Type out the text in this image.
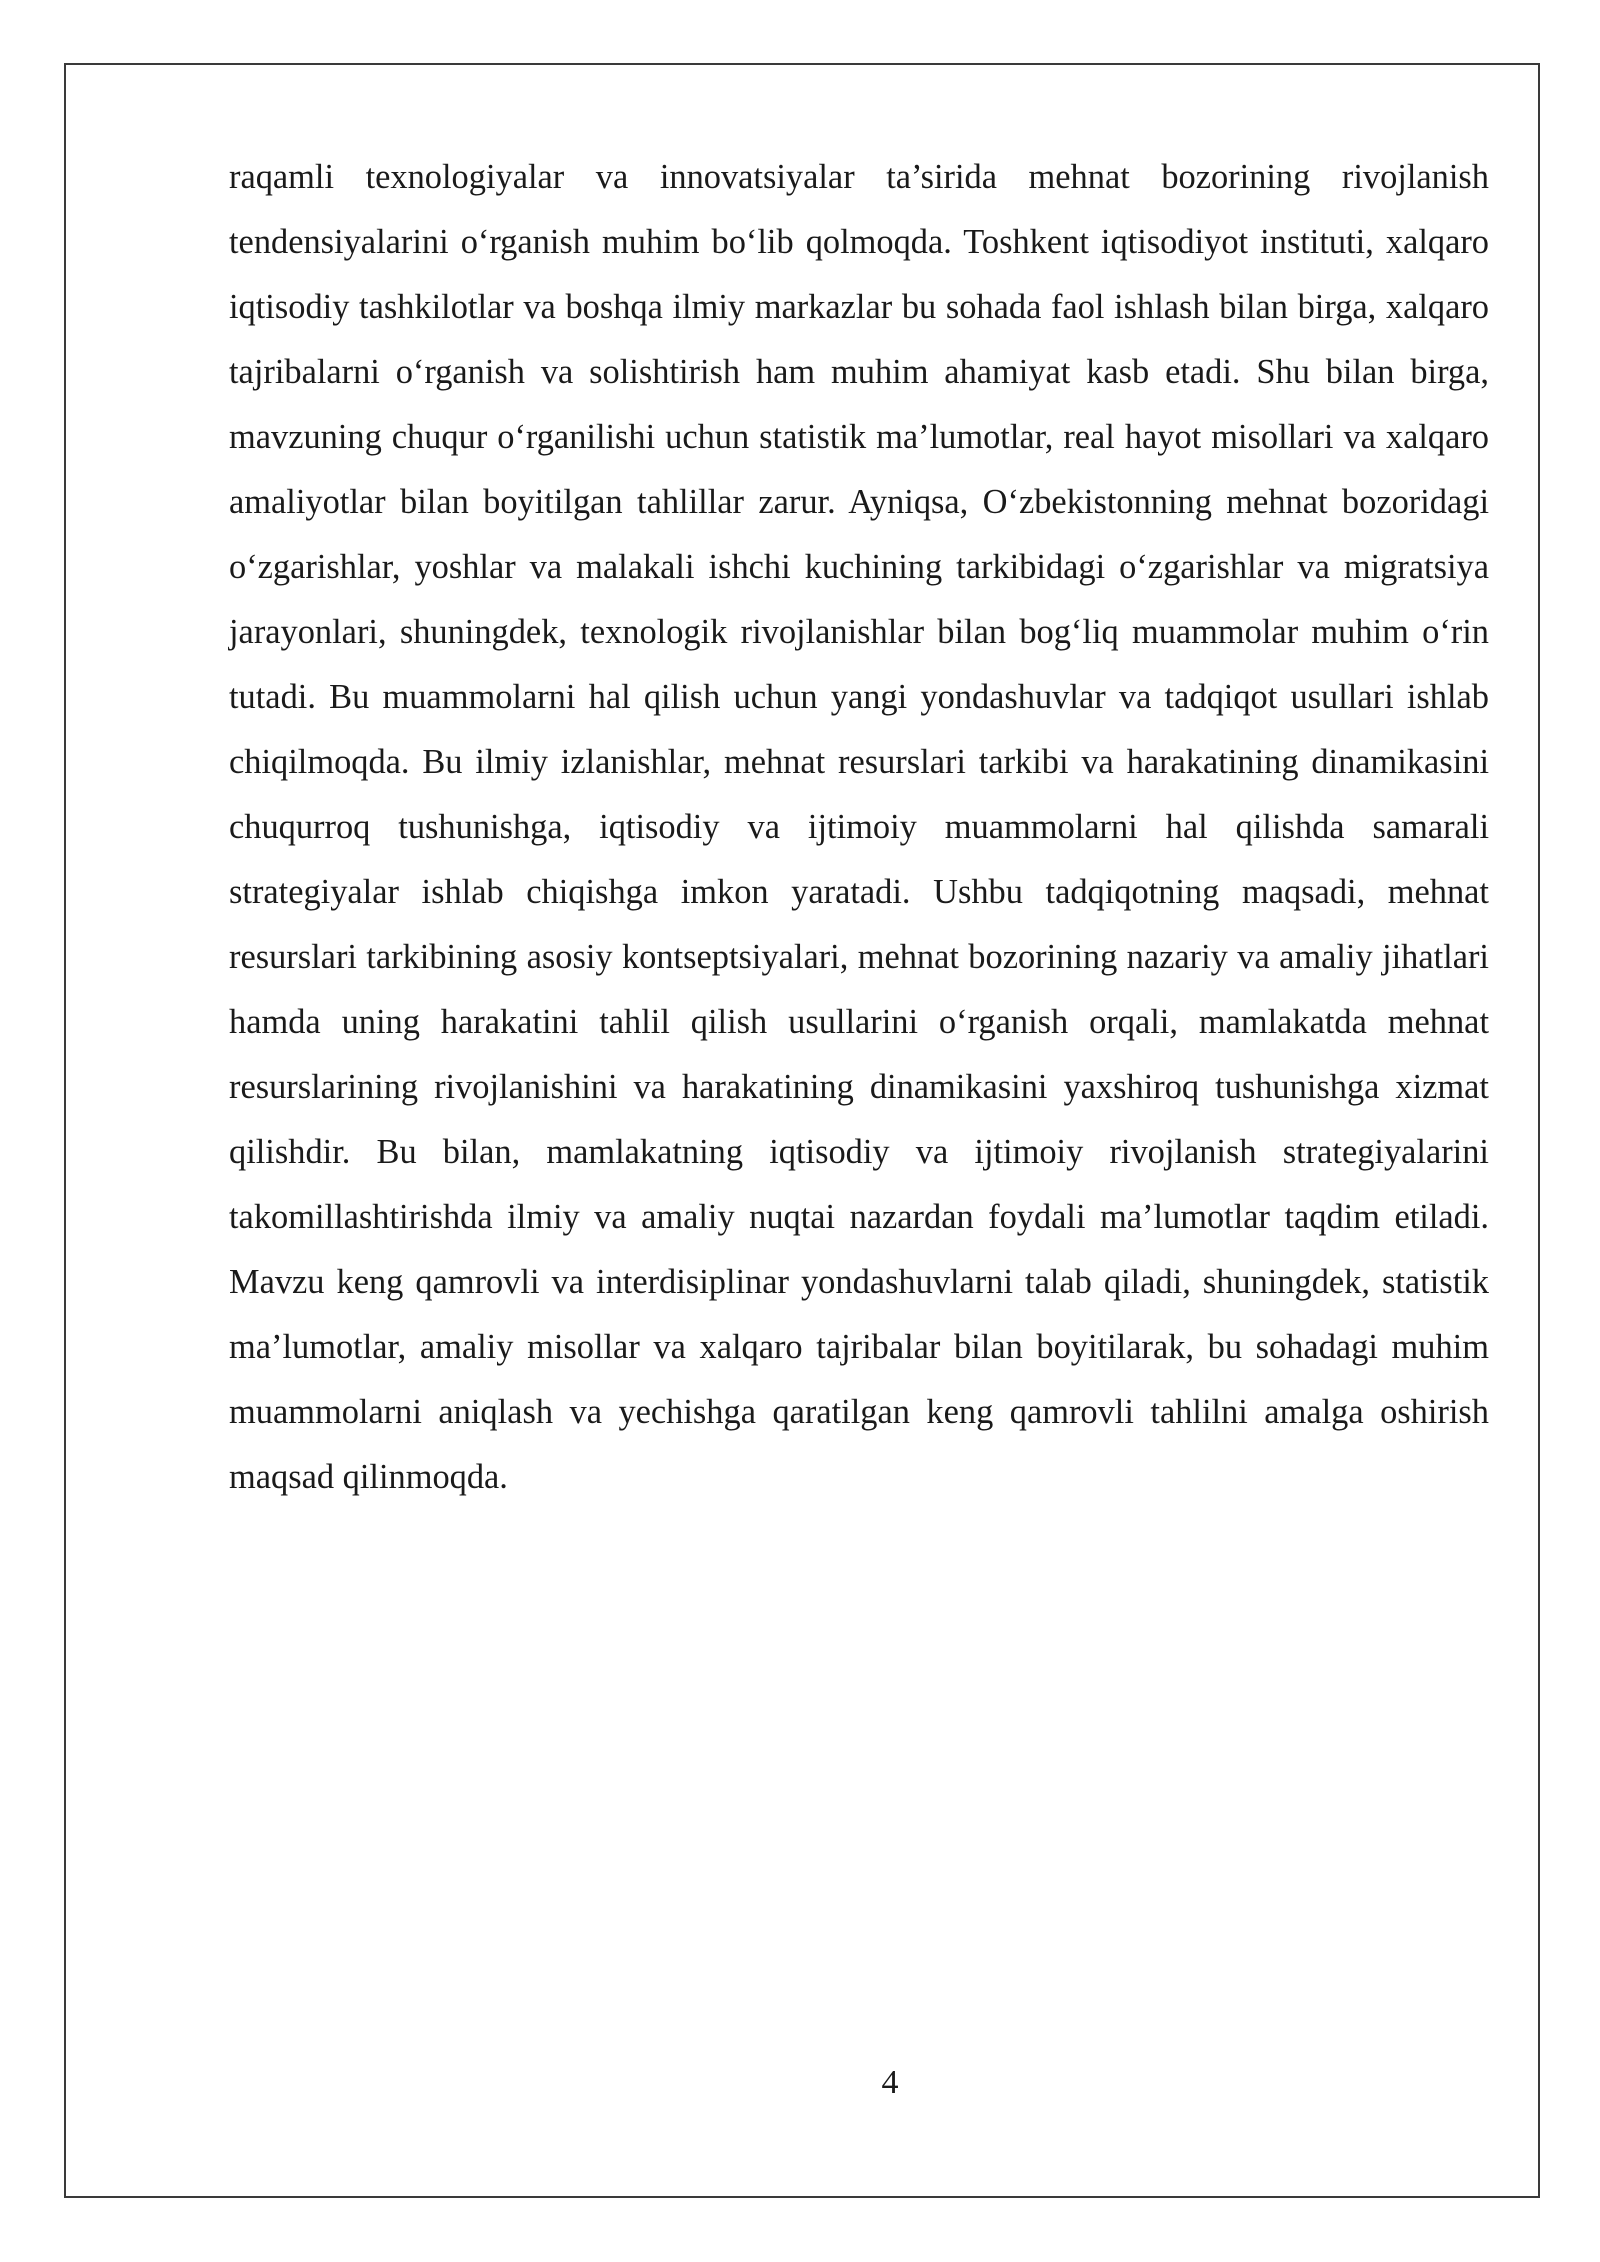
raqamli texnologiyalar va innovatsiyalar ta’sirida mehnat bozorining rivojlanish tendensiyalarini o‘rganish muhim bo‘lib qolmoqda. Toshkent iqtisodiyot instituti, xalqaro iqtisodiy tashkilotlar va boshqa ilmiy markazlar bu sohada faol ishlash bilan birga, xalqaro tajribalarni o‘rganish va solishtirish ham muhim ahamiyat kasb etadi. Shu bilan birga, mavzuning chuqur o‘rganilishi uchun statistik ma’lumotlar, real hayot misollari va xalqaro amaliyotlar bilan boyitilgan tahlillar zarur. Ayniqsa, O‘zbekistonning mehnat bozoridagi o‘zgarishlar, yoshlar va malakali ishchi kuchining tarkibidagi o‘zgarishlar va migratsiya jarayonlari, shuningdek, texnologik rivojlanishlar bilan bog‘liq muammolar muhim o‘rin tutadi. Bu muammolarni hal qilish uchun yangi yondashuvlar va tadqiqot usullari ishlab chiqilmoqda. Bu ilmiy izlanishlar, mehnat resurslari tarkibi va harakatining dinamikasini chuqurroq tushunishga, iqtisodiy va ijtimoiy muammolarni hal qilishda samarali strategiyalar ishlab chiqishga imkon yaratadi. Ushbu tadqiqotning maqsadi, mehnat resurslari tarkibining asosiy kontseptsiyalari, mehnat bozorining nazariy va amaliy jihatlari hamda uning harakatini tahlil qilish usullarini o‘rganish orqali, mamlakatda mehnat resurslarining rivojlanishini va harakatining dinamikasini yaxshiroq tushunishga xizmat qilishdir. Bu bilan, mamlakatning iqtisodiy va ijtimoiy rivojlanish strategiyalarini takomillashtirishda ilmiy va amaliy nuqtai nazardan foydali ma’lumotlar taqdim etiladi. Mavzu keng qamrovli va interdisiplinar yondashuvlarni talab qiladi, shuningdek, statistik ma’lumotlar, amaliy misollar va xalqaro tajribalar bilan boyitilarak, bu sohadagi muhim muammolarni aniqlash va yechishga qaratilgan keng qamrovli tahlilni amalga oshirish maqsad qilinmoqda.

4
